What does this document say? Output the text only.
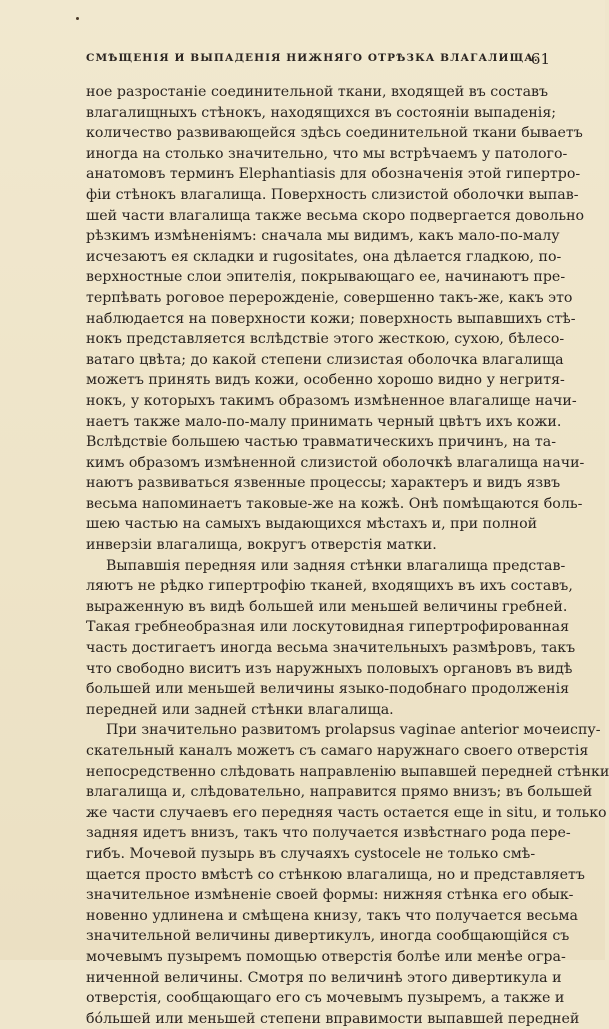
СМѢЩЕНІЯ И ВЫПАДЕНІЯ НИЖНЯГО ОТРѢЗКА ВЛАГАЛИЩА.
61
ное разростаніе соединительной ткани, входящей въ составъ
влагалищныхъ стѣнокъ, находящихся въ состояніи выпаденія;
количество развивающейся здѣсь соединительной ткани бываетъ
иногда на столько значительно, что мы встрѣчаемъ у патолого-
анатомовъ терминъ Elephantiasis для обозначенія этой гипертро-
фіи стѣнокъ влагалища. Поверхность слизистой оболочки выпав-
шей части влагалища также весьма скоро подвергается довольно
рѣзкимъ измѣненіямъ: сначала мы видимъ, какъ мало-по-малу
исчезаютъ ея складки и rugositates, она дѣлается гладкою, по-
верхностные слои эпителія, покрывающаго ее, начинаютъ пре-
терпѣвать роговое перерожденіе, совершенно такъ-же, какъ это
наблюдается на поверхности кожи; поверхность выпавшихъ стѣ-
нокъ представляется вслѣдствіе этого жесткою, сухою, бѣлесо-
ватаго цвѣта; до какой степени слизистая оболочка влагалища
можетъ принять видъ кожи, особенно хорошо видно у негритя-
нокъ, у которыхъ такимъ образомъ измѣненное влагалище начи-
наетъ также мало-по-малу принимать черный цвѣтъ ихъ кожи.
Вслѣдствіе большею частью травматическихъ причинъ, на та-
кимъ образомъ измѣненной слизистой оболочкѣ влагалища начи-
наютъ развиваться язвенные процессы; характеръ и видъ язвъ
весьма напоминаетъ таковые-же на кожѣ. Онѣ помѣщаются боль-
шею частью на самыхъ выдающихся мѣстахъ и, при полной
инверзіи влагалища, вокругъ отверстія матки.
Выпавшія передняя или задняя стѣнки влагалища представ-
ляютъ не рѣдко гипертрофію тканей, входящихъ въ ихъ составъ,
выраженную въ видѣ большей или меньшей величины гребней.
Такая гребнеобразная или лоскутовидная гипертрофированная
часть достигаетъ иногда весьма значительныхъ размѣровъ, такъ
что свободно виситъ изъ наружныхъ половыхъ органовъ въ видѣ
большей или меньшей величины языко-подобнаго продолженія
передней или задней стѣнки влагалища.
При значительно развитомъ prolapsus vaginae anterior мочеиспу-
скательный каналъ можетъ съ самаго наружнаго своего отверстія
непосредственно слѣдовать направленію выпавшей передней стѣнки
влагалища и, слѣдовательно, направится прямо внизъ; въ большей
же части случаевъ его передняя часть остается еще in situ, и только
задняя идетъ внизъ, такъ что получается извѣстнаго рода пере-
гибъ. Мочевой пузырь въ случаяхъ cystocele не только смѣ-
щается просто вмѣстѣ со стѣнкою влагалища, но и представляетъ
значительное измѣненіе своей формы: нижняя стѣнка его обык-
новенно удлинена и смѣщена книзу, такъ что получается весьма
значительной величины дивертикулъ, иногда сообщающійся съ
мочевымъ пузыремъ помощью отверстія болѣе или менѣе огра-
ниченной величины. Смотря по величинѣ этого дивертикула и
отверстія, сообщающаго его съ мочевымъ пузыремъ, а также и
бóльшей или меньшей степени вправимости выпавшей передней
